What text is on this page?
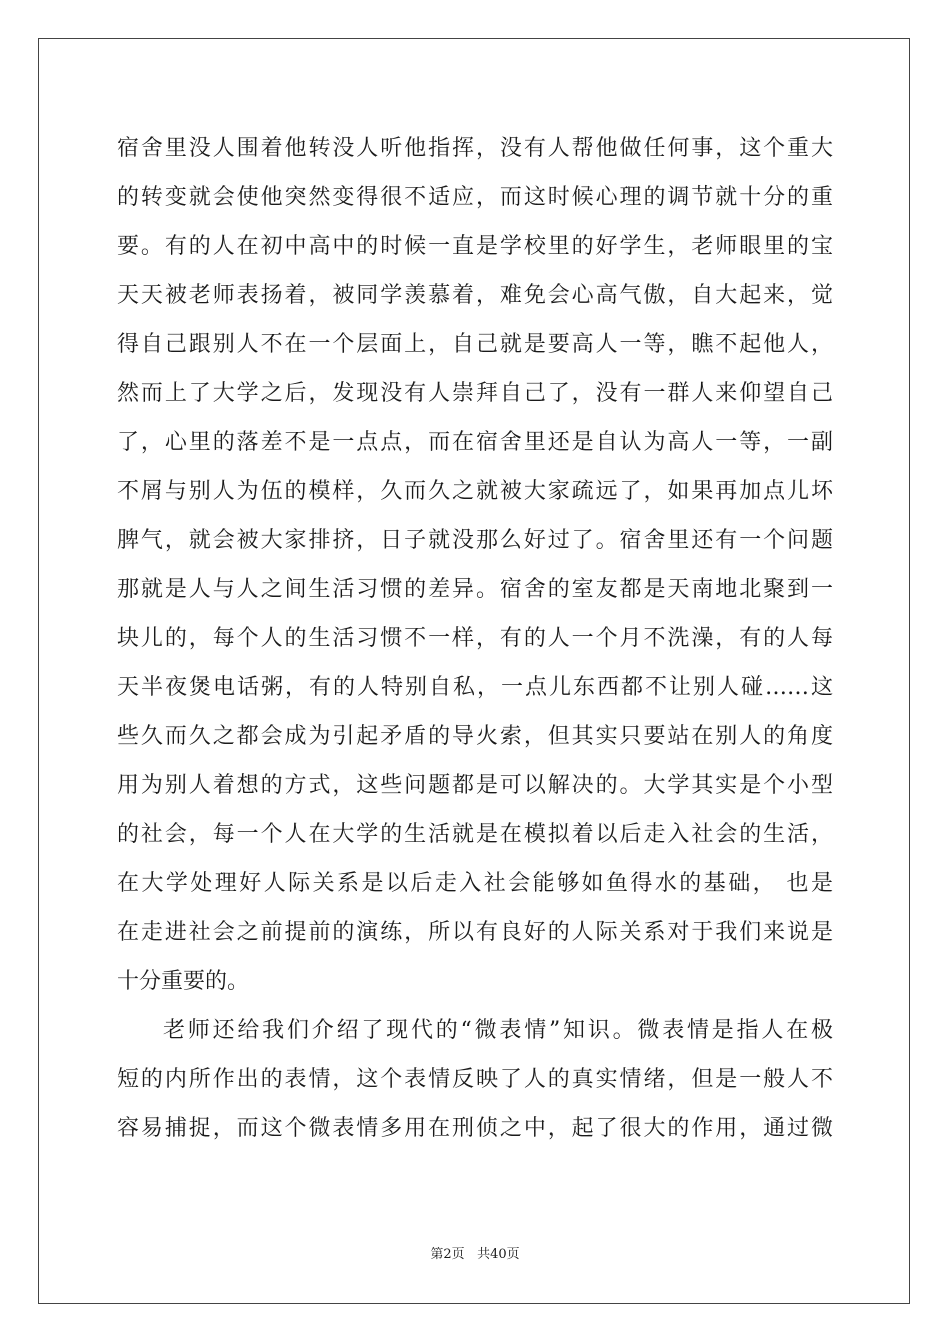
宿舍里没人围着他转没人听他指挥，没有人帮他做任何事，这个重大
的转变就会使他突然变得很不适应，而这时候心理的调节就十分的重
要。有的人在初中高中的时候一直是学校里的好学生，老师眼里的宝
天天被老师表扬着，被同学羡慕着，难免会心高气傲，自大起来，觉
得自己跟别人不在一个层面上，自己就是要高人一等，瞧不起他人，
然而上了大学之后，发现没有人崇拜自己了，没有一群人来仰望自己
了，心里的落差不是一点点，而在宿舍里还是自认为高人一等，一副
不屑与别人为伍的模样，久而久之就被大家疏远了，如果再加点儿坏
脾气，就会被大家排挤，日子就没那么好过了。宿舍里还有一个问题
那就是人与人之间生活习惯的差异。宿舍的室友都是天南地北聚到一
块儿的，每个人的生活习惯不一样，有的人一个月不洗澡，有的人每
天半夜煲电话粥，有的人特别自私，一点儿东西都不让别人碰……这
些久而久之都会成为引起矛盾的导火索，但其实只要站在别人的角度
用为别人着想的方式，这些问题都是可以解决的。大学其实是个小型
的社会，每一个人在大学的生活就是在模拟着以后走入社会的生活，
在大学处理好人际关系是以后走入社会能够如鱼得水的基础， 也是
在走进社会之前提前的演练，所以有良好的人际关系对于我们来说是
十分重要的。
老师还给我们介绍了现代的“微表情”知识。微表情是指人在极
短的内所作出的表情，这个表情反映了人的真实情绪，但是一般人不
容易捕捉，而这个微表情多用在刑侦之中，起了很大的作用，通过微
第2页 共40页
